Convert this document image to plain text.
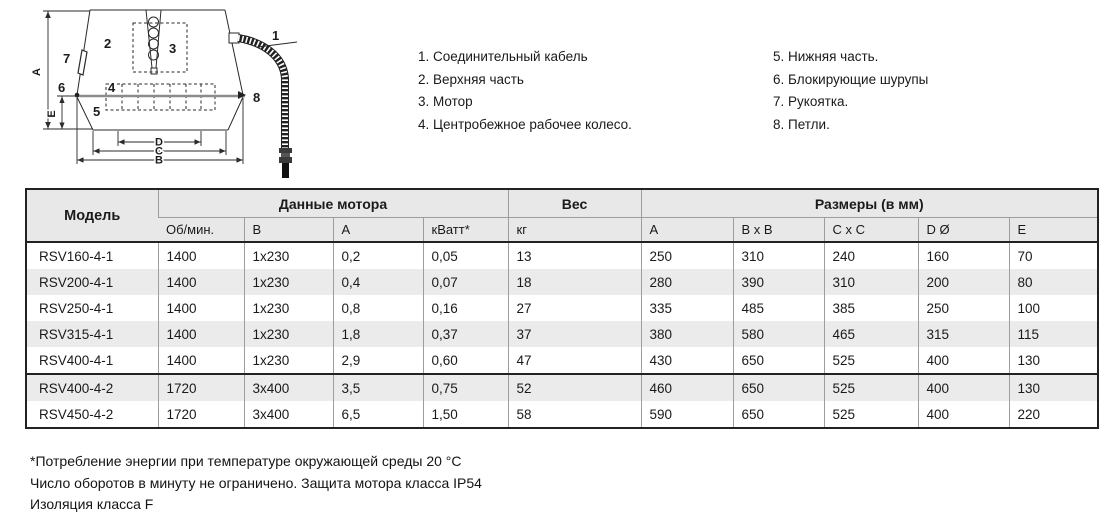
A
E
D
C
B
1
2	3
4
5
6
7
8
1. Соединительный кабель
2. Верхняя часть
3. Мотор
4. Центробежное рабочее колесо.
5. Нижняя часть.
6. Блокирующие шурупы
7. Рукоятка.
8. Петли.
Модель	Данные мотора				Вес	Размеры (в мм)				
	Об/мин.	В	А	кВатт*	кг	A	B x B	C x C	D Ø	E
RSV160-4-1	1400	1x230	0,2	0,05	13	250	310	240	160	70
RSV200-4-1	1400	1x230	0,4	0,07	18	280	390	310	200	80
RSV250-4-1	1400	1x230	0,8	0,16	27	335	485	385	250	100
RSV315-4-1	1400	1x230	1,8	0,37	37	380	580	465	315	115
RSV400-4-1	1400	1x230	2,9	0,60	47	430	650	525	400	130
RSV400-4-2	1720	3x400	3,5	0,75	52	460	650	525	400	130
RSV450-4-2	1720	3x400	6,5	1,50	58	590	650	525	400	220
*Потребление энергии при температуре окружающей среды 20 °C
Число оборотов в минуту не ограничено. Защита мотора класса IP54
Изоляция класса F
